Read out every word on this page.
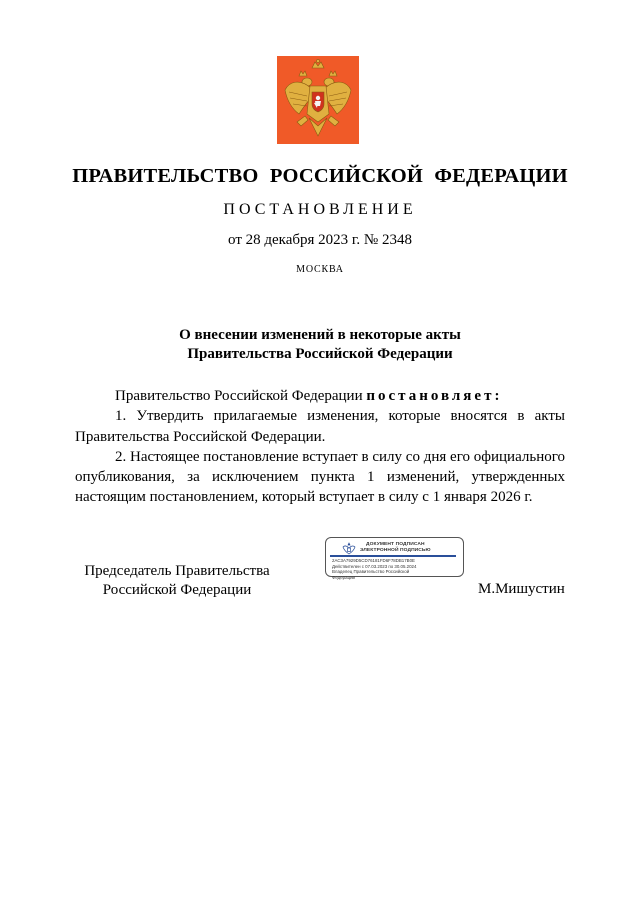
ПРАВИТЕЛЬСТВО РОССИЙСКОЙ ФЕДЕРАЦИИ
ПОСТАНОВЛЕНИЕ
от 28 декабря 2023 г. № 2348
МОСКВА
О внесении изменений в некоторые акты
Правительства Российской Федерации

Правительство Российской Федерации постановляет:

1. Утвердить прилагаемые изменения, которые вносятся в акты Правительства Российской Федерации.

2. Настоящее постановление вступает в силу со дня его официального опубликования, за исключением пункта 1 изменений, утвержденных настоящим постановлением, который вступает в силу с 1 января 2026 г.

Председатель Правительства
Российской Федерации
ДОКУМЕНТ ПОДПИСАН
ЭЛЕКТРОННОЙ ПОДПИСЬЮ
2AC3A7929D5CD76181FD6F78DB17B0E
Действителен с 07.03.2023 по 30.05.2024
Владелец Правительство Российской
Федерации
М.Мишустин
